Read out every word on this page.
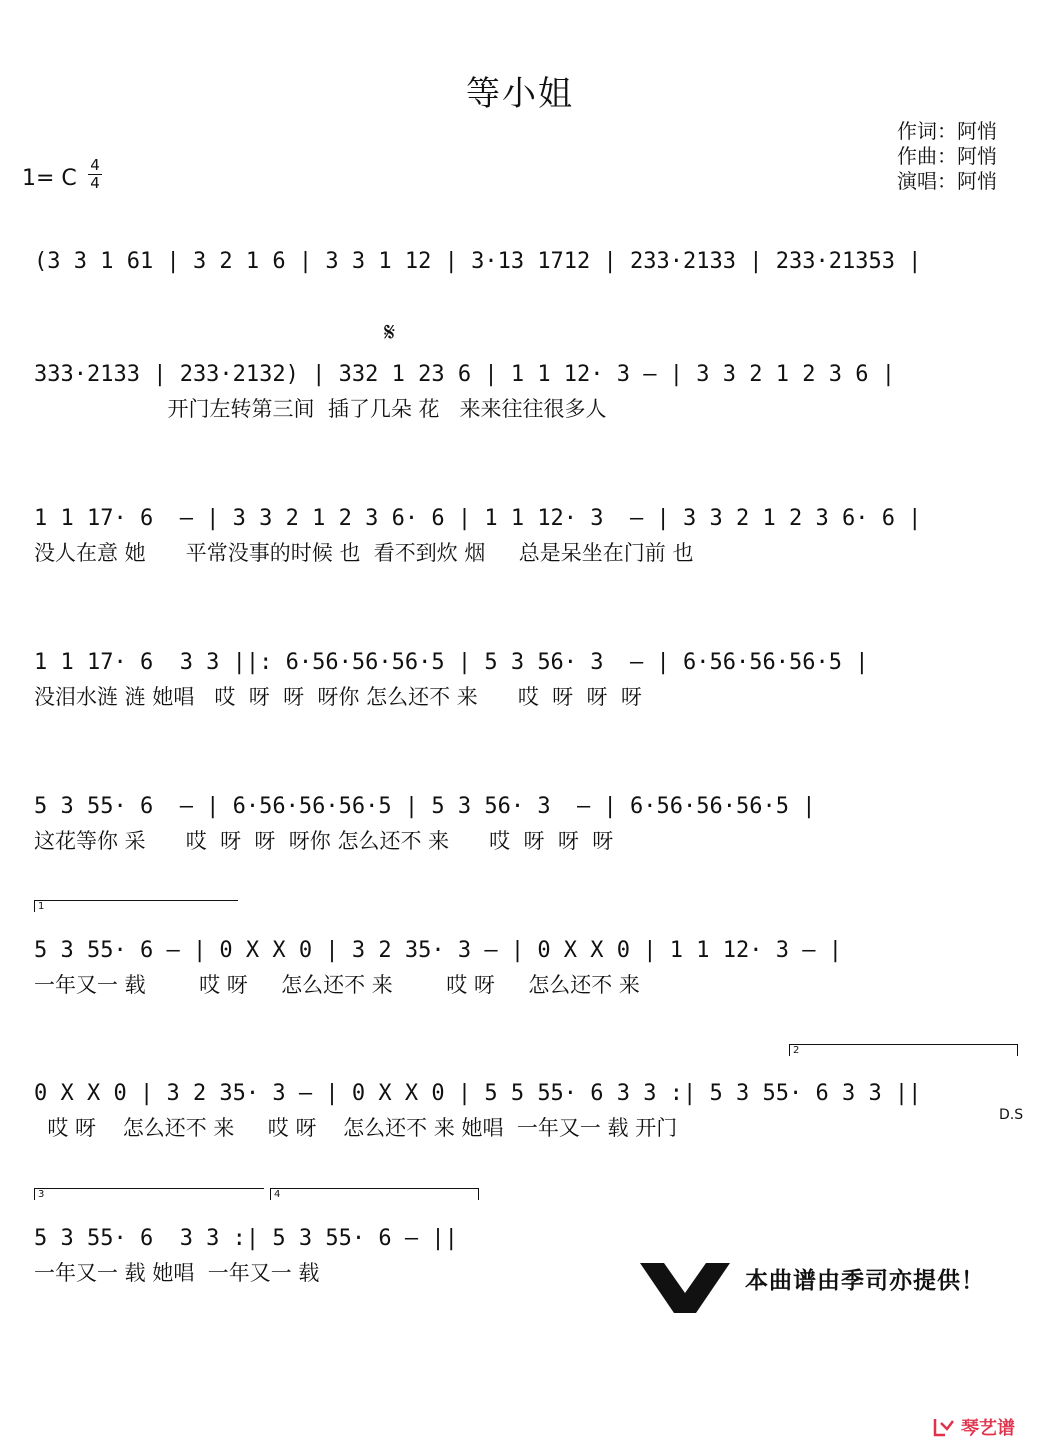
等小姐
作词：阿悄
作曲：阿悄
演唱：阿悄
1= C
4
4
(3 3 1 61 | 3 2 1 6 | 3 3 1 12 | 3·13 1712 | 233·2133 | 233·21353 |
𝄋
333·2133 | 233·2132) | 332 1 23 6 | 1 1 12· 3 — | 3 3 2 1 2 3 6 |
开门左转第三间  插了几朵 花   来来往往很多人
1 1 17· 6  — | 3 3 2 1 2 3 6· 6 | 1 1 12· 3  — | 3 3 2 1 2 3 6· 6 |
没人在意 她      平常没事的时候 也  看不到炊 烟     总是呆坐在门前 也
1 1 17· 6  3 3 ||: 6·56·56·56·5 | 5 3 56· 3  — | 6·56·56·56·5 |
没泪水涟 涟 她唱   哎  呀  呀  呀你 怎么还不 来      哎  呀  呀  呀
5 3 55· 6  — | 6·56·56·56·5 | 5 3 56· 3  — | 6·56·56·56·5 |
这花等你 采      哎  呀  呀  呀你 怎么还不 来      哎  呀  呀  呀
1
5 3 55· 6 — | 0 X X 0 | 3 2 35· 3 — | 0 X X 0 | 1 1 12· 3 — |
一年又一 载        哎 呀     怎么还不 来        哎 呀     怎么还不 来
2
0 X X 0 | 3 2 35· 3 — | 0 X X 0 | 5 5 55· 6 3 3 :| 5 3 55· 6 3 3 ||
D.S
哎 呀    怎么还不 来     哎 呀    怎么还不 来 她唱  一年又一 载 开门
3	4
5 3 55· 6  3 3 :| 5 3 55· 6 — ||
一年又一 载 她唱  一年又一 载	本曲谱由季司亦提供！
琴艺谱
